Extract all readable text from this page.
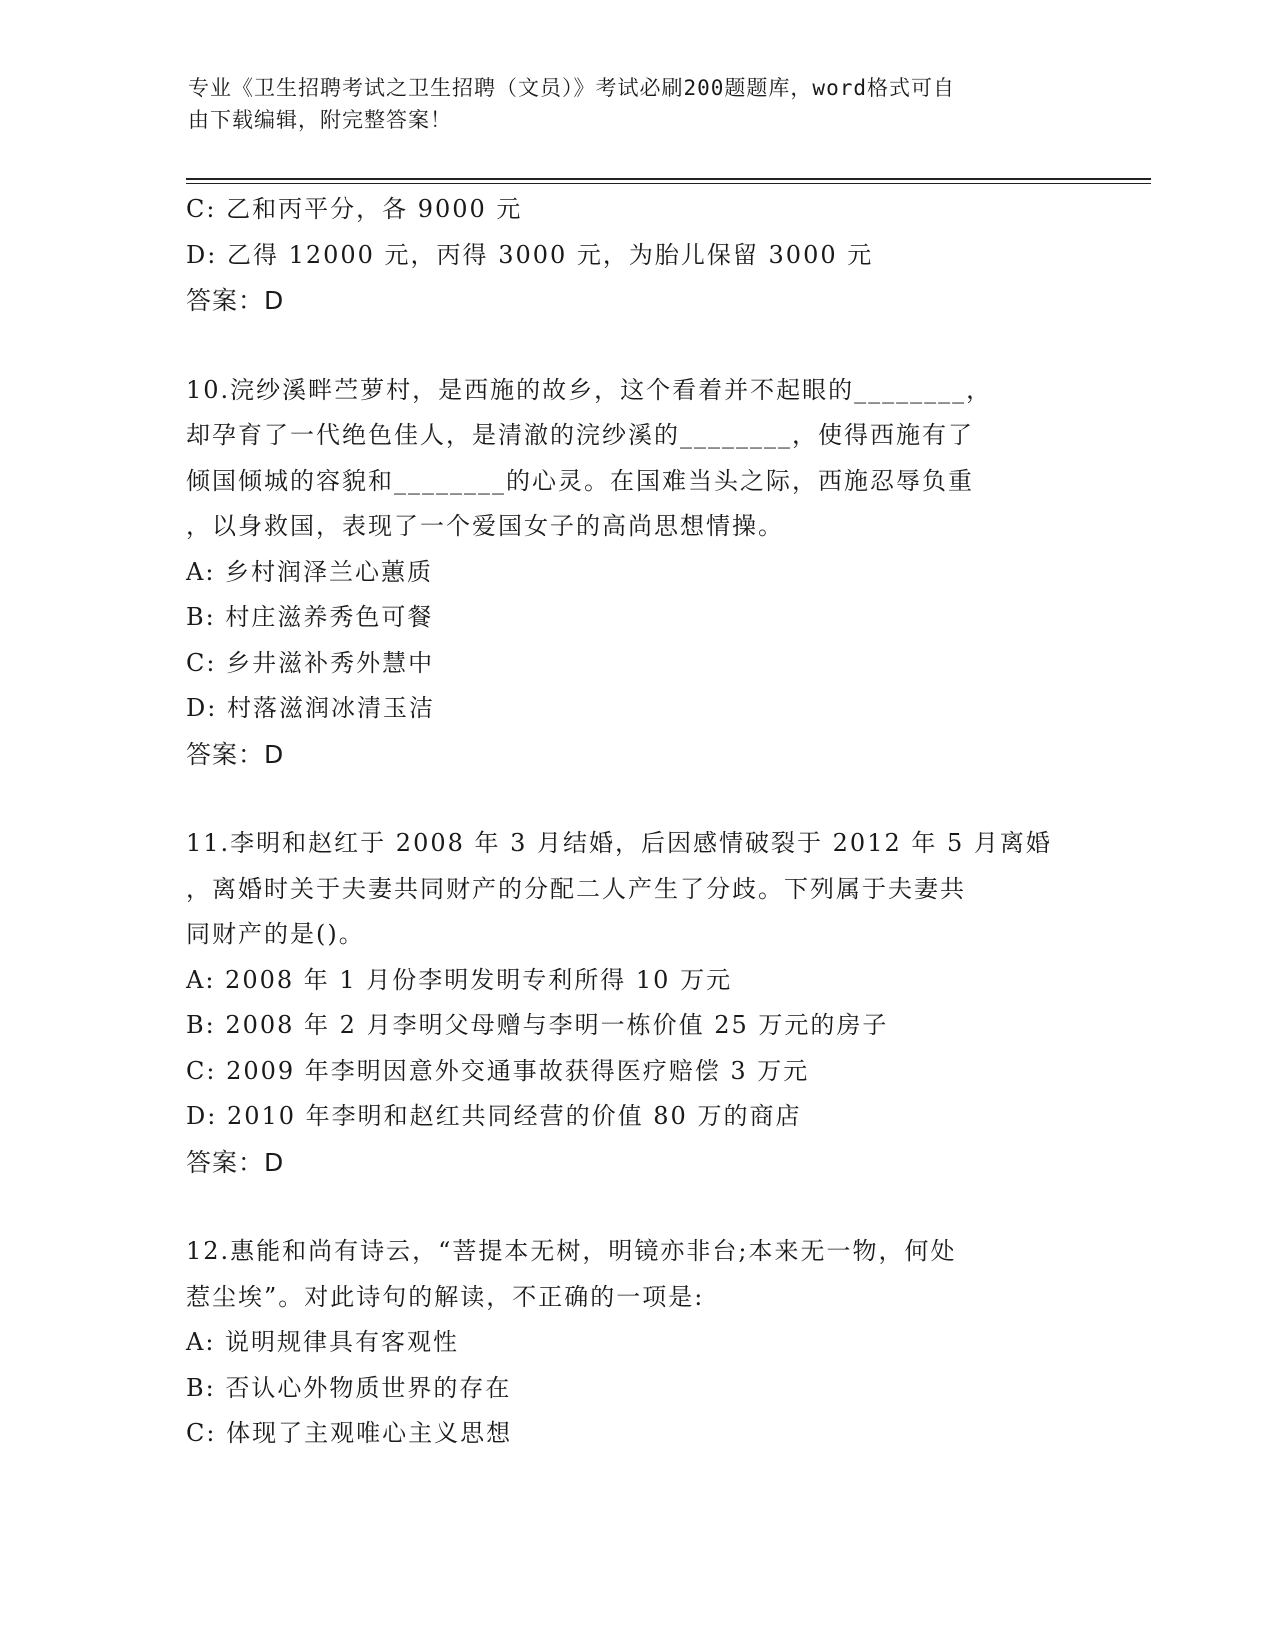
专业《卫生招聘考试之卫生招聘（文员）》考试必刷200题题库，word格式可自
由下载编辑，附完整答案！
C: 乙和丙平分，各 9000 元
D: 乙得 12000 元，丙得 3000 元，为胎儿保留 3000 元
答案：D
10.浣纱溪畔苎萝村，是西施的故乡，这个看着并不起眼的________，
却孕育了一代绝色佳人，是清澈的浣纱溪的________，使得西施有了
倾国倾城的容貌和________的心灵。在国难当头之际，西施忍辱负重
，以身救国，表现了一个爱国女子的高尚思想情操。
A: 乡村润泽兰心蕙质
B: 村庄滋养秀色可餐
C: 乡井滋补秀外慧中
D: 村落滋润冰清玉洁
答案：D
11.李明和赵红于 2008 年 3 月结婚，后因感情破裂于 2012 年 5 月离婚
，离婚时关于夫妻共同财产的分配二人产生了分歧。下列属于夫妻共
同财产的是()。
A: 2008 年 1 月份李明发明专利所得 10 万元
B: 2008 年 2 月李明父母赠与李明一栋价值 25 万元的房子
C: 2009 年李明因意外交通事故获得医疗赔偿 3 万元
D: 2010 年李明和赵红共同经营的价值 80 万的商店
答案：D
12.惠能和尚有诗云，“菩提本无树，明镜亦非台;本来无一物，何处
惹尘埃”。对此诗句的解读，不正确的一项是:
A: 说明规律具有客观性
B: 否认心外物质世界的存在
C: 体现了主观唯心主义思想
